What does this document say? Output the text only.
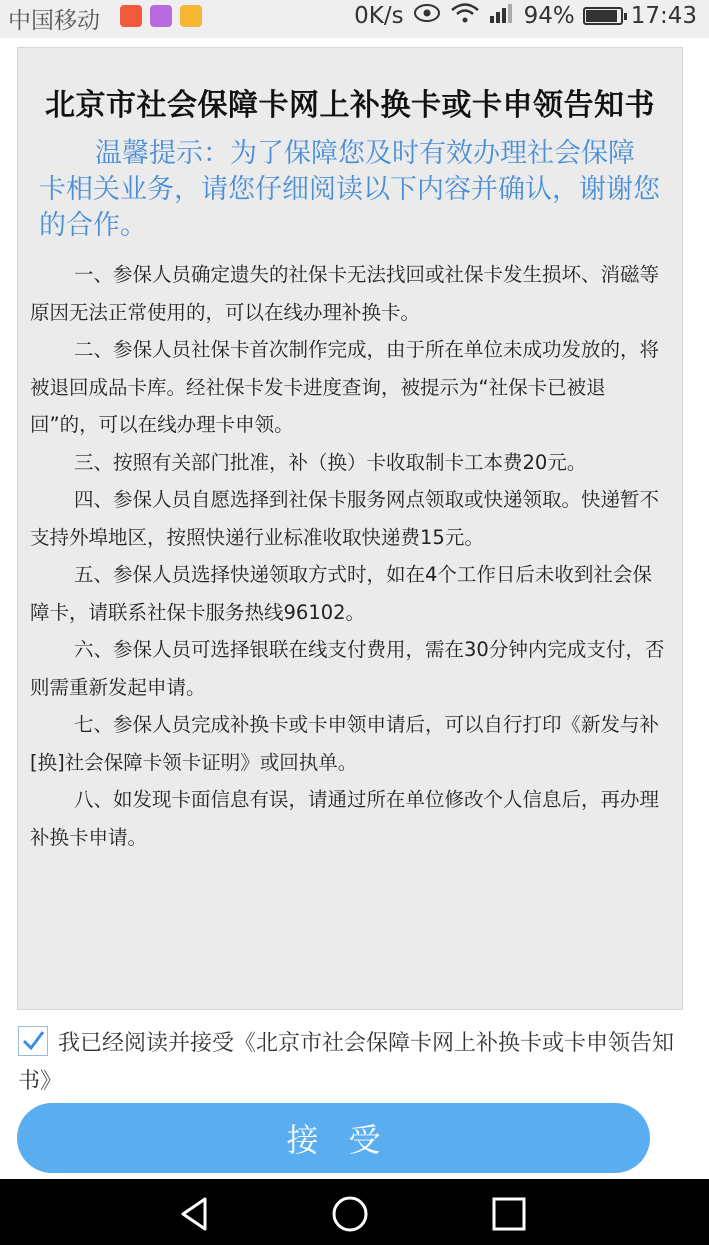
中国移动	0K/s	94% 17:43
北京市社会保障卡网上补换卡或卡申领告知书
温馨提示：为了保障您及时有效办理社会保障卡相关业务，请您仔细阅读以下内容并确认，谢谢您的合作。

一、参保人员确定遗失的社保卡无法找回或社保卡发生损坏、消磁等原因无法正常使用的，可以在线办理补换卡。

二、参保人员社保卡首次制作完成，由于所在单位未成功发放的，将被退回成品卡库。经社保卡发卡进度查询，被提示为“社保卡已被退回”的，可以在线办理卡申领。

三、按照有关部门批准，补（换）卡收取制卡工本费20元。

四、参保人员自愿选择到社保卡服务网点领取或快递领取。快递暂不支持外埠地区，按照快递行业标准收取快递费15元。

五、参保人员选择快递领取方式时，如在4个工作日后未收到社会保障卡，请联系社保卡服务热线96102。

六、参保人员可选择银联在线支付费用，需在30分钟内完成支付，否则需重新发起申请。

七、参保人员完成补换卡或卡申领申请后，可以自行打印《新发与补[换]社会保障卡领卡证明》或回执单。

八、如发现卡面信息有误，请通过所在单位修改个人信息后，再办理补换卡申请。

我已经阅读并接受《北京市社会保障卡网上补换卡或卡申领告知书》
接受
